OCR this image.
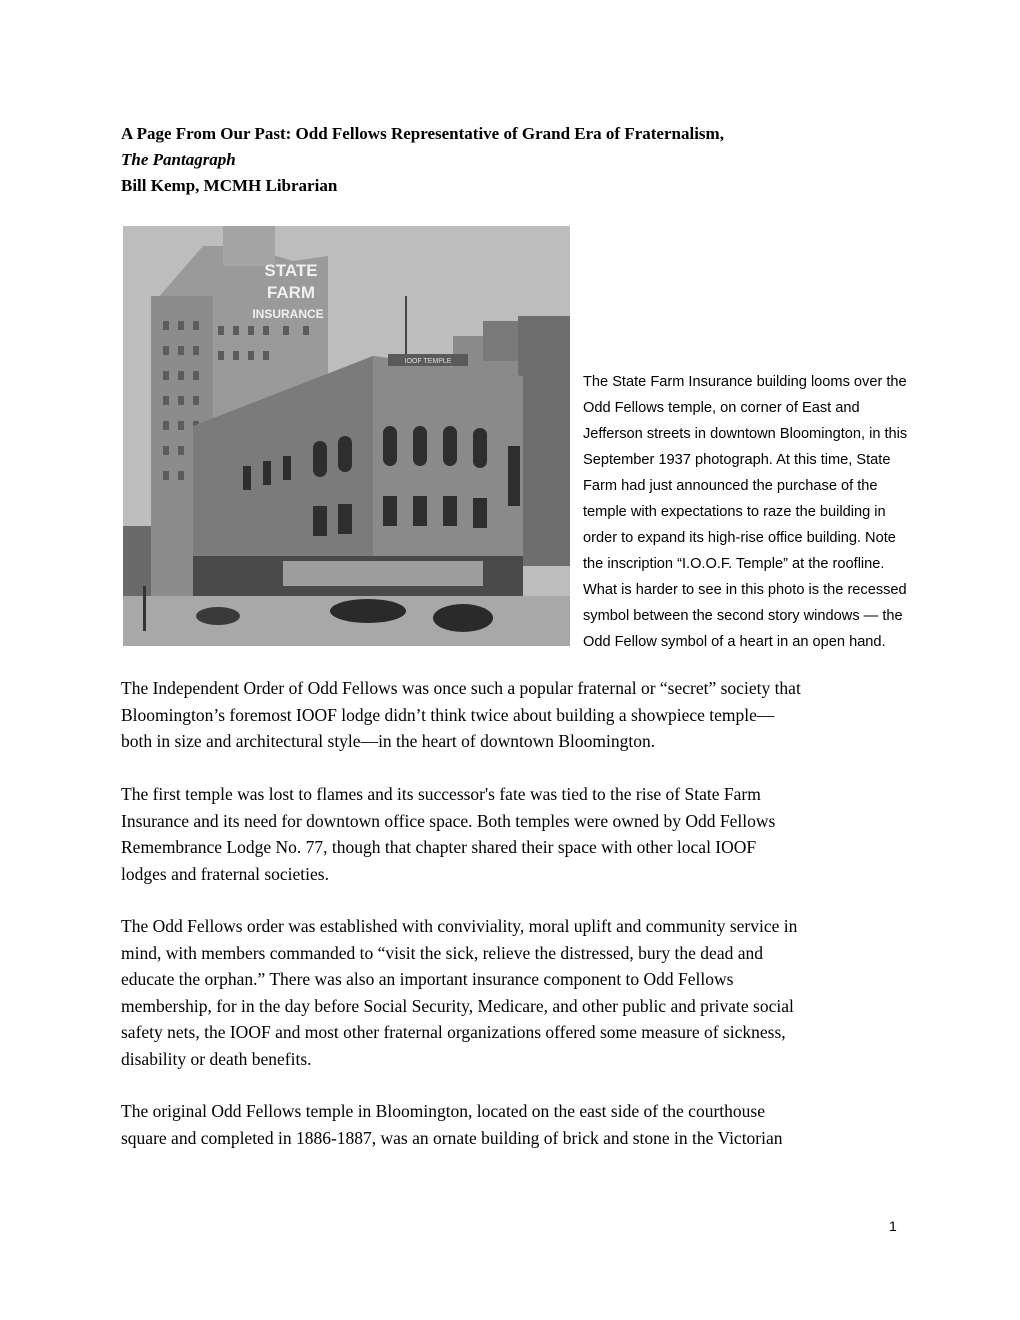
A Page From Our Past: Odd Fellows Representative of Grand Era of Fraternalism,
The Pantagraph
Bill Kemp, MCMH Librarian
STATE
FARM
INSURANCE
IOOF TEMPLE
The State Farm Insurance building looms over the
Odd Fellows temple, on corner of East and
Jefferson streets in downtown Bloomington, in this
September 1937 photograph. At this time, State
Farm had just announced the purchase of the
temple with expectations to raze the building in
order to expand its high-rise office building. Note
the inscription “I.O.O.F. Temple” at the roofline.
What is harder to see in this photo is the recessed
symbol between the second story windows — the
Odd Fellow symbol of a heart in an open hand.
The Independent Order of Odd Fellows was once such a popular fraternal or “secret” society that
Bloomington’s foremost IOOF lodge didn’t think twice about building a showpiece temple—
both in size and architectural style—in the heart of downtown Bloomington.
The first temple was lost to flames and its successor's fate was tied to the rise of State Farm
Insurance and its need for downtown office space. Both temples were owned by Odd Fellows
Remembrance Lodge No. 77, though that chapter shared their space with other local IOOF
lodges and fraternal societies.
The Odd Fellows order was established with conviviality, moral uplift and community service in
mind, with members commanded to “visit the sick, relieve the distressed, bury the dead and
educate the orphan.” There was also an important insurance component to Odd Fellows
membership, for in the day before Social Security, Medicare, and other public and private social
safety nets, the IOOF and most other fraternal organizations offered some measure of sickness,
disability or death benefits.
The original Odd Fellows temple in Bloomington, located on the east side of the courthouse
square and completed in 1886-1887, was an ornate building of brick and stone in the Victorian
1
